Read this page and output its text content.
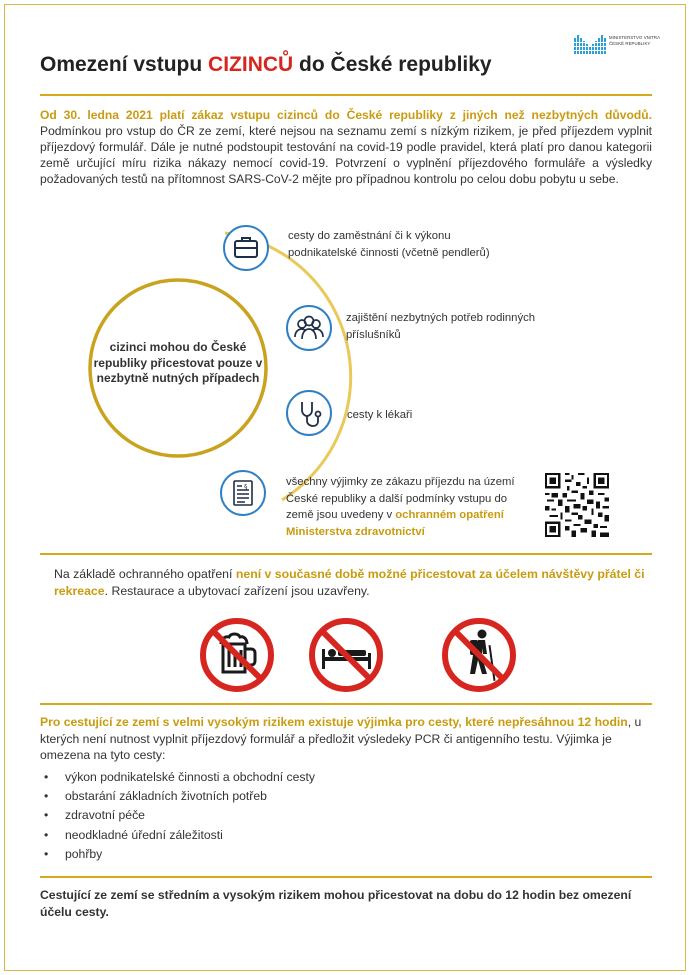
MINISTERSTVO VNITRA
ČESKÉ REPUBLIKY
Omezení vstupu CIZINCŮ do České republiky
Od 30. ledna 2021 platí zákaz vstupu cizinců do České republiky z jiných než nezbytných důvodů. Podmínkou pro vstup do ČR ze zemí, které nejsou na seznamu zemí s nízkým rizikem, je před příjezdem vyplnit příjezdový formulář. Dále je nutné podstoupit testování na covid-19 podle pravidel, která platí pro danou kategorii země určující míru rizika nákazy nemocí covid-19. Potvrzení o vyplnění příjezdového formuláře a výsledky požadovaných testů na přítomnost SARS-CoV-2 mějte pro případnou kontrolu po celou dobu pobytu u sebe.
cizinci mohou do České republiky přicestovat pouze v nezbytně nutných případech
cesty do zaměstnání či k výkonu podnikatelské činnosti (včetně pendlerů)
zajištění nezbytných potřeb rodinných příslušníků
cesty k lékaři
§	všechny výjimky ze zákazu příjezdu na území České republiky a další podmínky vstupu do země jsou uvedeny v ochranném opatření Ministerstva zdravotnictví
Na základě ochranného opatření není v současné době možné přicestovat za účelem návštěvy přátel či rekreace. Restaurace a ubytovací zařízení jsou uzavřeny.
Pro cestující ze zemí s velmi vysokým rizikem existuje výjimka pro cesty, které nepřesáhnou 12 hodin, u kterých není nutnost vyplnit příjezdový formulář a předložit výsledeky PCR či antigenního testu. Výjimka je omezena na tyto cesty:
• výkon podnikatelské činnosti a obchodní cesty
• obstarání základních životních potřeb
• zdravotní péče
• neodkladné úřední záležitosti
• pohřby
Cestující ze zemí se středním a vysokým rizikem mohou přicestovat na dobu do 12 hodin bez omezení účelu cesty.
